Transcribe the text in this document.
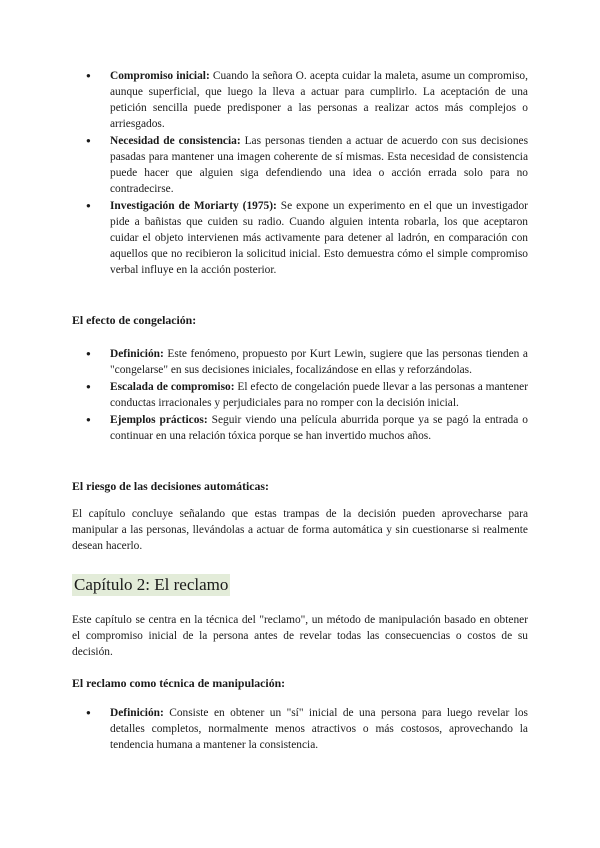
● Compromiso inicial: Cuando la señora O. acepta cuidar la maleta, asume un compromiso, aunque superficial, que luego la lleva a actuar para cumplirlo. La aceptación de una petición sencilla puede predisponer a las personas a realizar actos más complejos o arriesgados.
● Necesidad de consistencia: Las personas tienden a actuar de acuerdo con sus decisiones pasadas para mantener una imagen coherente de sí mismas. Esta necesidad de consistencia puede hacer que alguien siga defendiendo una idea o acción errada solo para no contradecirse.
● Investigación de Moriarty (1975): Se expone un experimento en el que un investigador pide a bañistas que cuiden su radio. Cuando alguien intenta robarla, los que aceptaron cuidar el objeto intervienen más activamente para detener al ladrón, en comparación con aquellos que no recibieron la solicitud inicial. Esto demuestra cómo el simple compromiso verbal influye en la acción posterior.
El efecto de congelación:
● Definición: Este fenómeno, propuesto por Kurt Lewin, sugiere que las personas tienden a "congelarse" en sus decisiones iniciales, focalizándose en ellas y reforzándolas.
● Escalada de compromiso: El efecto de congelación puede llevar a las personas a mantener conductas irracionales y perjudiciales para no romper con la decisión inicial.
● Ejemplos prácticos: Seguir viendo una película aburrida porque ya se pagó la entrada o continuar en una relación tóxica porque se han invertido muchos años.
El riesgo de las decisiones automáticas:

El capítulo concluye señalando que estas trampas de la decisión pueden aprovecharse para manipular a las personas, llevándolas a actuar de forma automática y sin cuestionarse si realmente desean hacerlo.

Capítulo 2: El reclamo

Este capítulo se centra en la técnica del "reclamo", un método de manipulación basado en obtener el compromiso inicial de la persona antes de revelar todas las consecuencias o costos de su decisión.

El reclamo como técnica de manipulación:
● Definición: Consiste en obtener un "sí" inicial de una persona para luego revelar los detalles completos, normalmente menos atractivos o más costosos, aprovechando la tendencia humana a mantener la consistencia.
